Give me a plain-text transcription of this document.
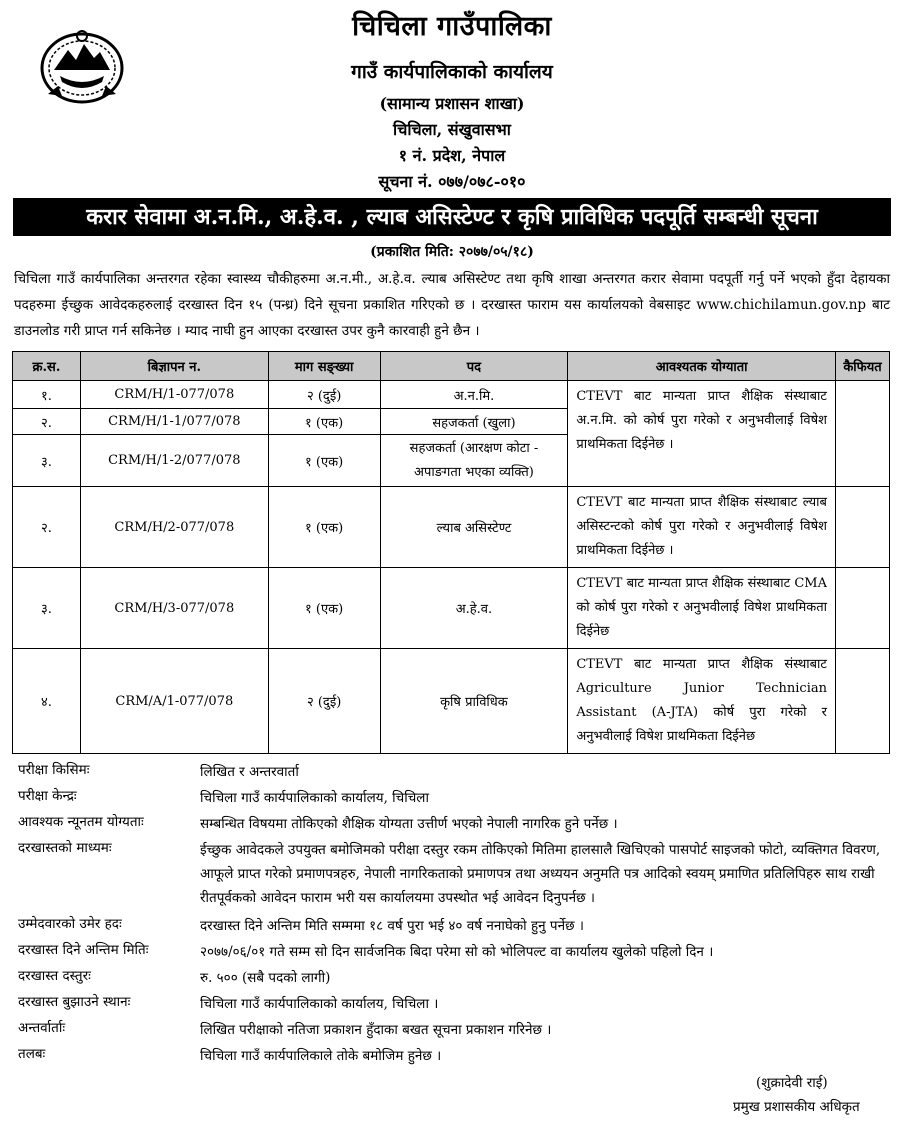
चिचिला गाउँपालिका
गाउँ कार्यपालिकाको कार्यालय
(सामान्य प्रशासन शाखा)
चिचिला, संखुवासभा
१ नं. प्रदेश, नेपाल
सूचना नं. ०७७/०७८-०१०
करार सेवामा अ.न.मि., अ.हे.व. , ल्याब असिस्टेण्ट र कृषि प्राविधिक पदपूर्ति सम्बन्धी सूचना
(प्रकाशित मिति: २०७७/०५/१८)
चिचिला गाउँ कार्यपालिका अन्तरगत रहेका स्वास्थ्य चौकीहरुमा अ.न.मी., अ.हे.व. ल्याब असिस्टेण्ट तथा कृषि शाखा अन्तरगत करार सेवामा पदपूर्ती गर्नु पर्ने भएको हुँदा देहायका पदहरुमा ईच्छुक आवेदकहरुलाई दरखास्त दिन १५ (पन्ध्र) दिने सूचना प्रकाशित गरिएको छ । दरखास्त फाराम यस कार्यालयको वेबसाइट www.chichilamun.gov.np बाट डाउनलोड गरी प्राप्त गर्न सकिनेछ । म्याद नाघी हुन आएका दरखास्त उपर कुनै कारवाही हुने छैन ।
क्र.स.	बिज्ञापन न.	माग सङ्ख्या	पद	आवश्यतक योग्याता	कैफियत
१.	CRM/H/1-077/078	२ (दुई)	अ.न.मि.	CTEVT बाट मान्यता प्राप्त शैक्षिक संस्थाबाट अ.न.मि. को कोर्ष पुरा गरेको र अनुभवीलाई विषेश प्राथमिकता दिईनेछ ।	
२.	CRM/H/1-1/077/078	१ (एक)	सहजकर्ता (खुला)		
३.	CRM/H/1-2/077/078	१ (एक)	सहजकर्ता (आरक्षण कोटा - अपाङगता भएका व्यक्ति)		
२.	CRM/H/2-077/078	१ (एक)	ल्याब असिस्टेण्ट	CTEVT बाट मान्यता प्राप्त शैक्षिक संस्थाबाट ल्याब असिस्टन्टको कोर्ष पुरा गरेको र अनुभवीलाई विषेश प्राथमिकता दिईनेछ ।	
३.	CRM/H/3-077/078	१ (एक)	अ.हे.व.	CTEVT बाट मान्यता प्राप्त शैक्षिक संस्थाबाट CMA को कोर्ष पुरा गरेको र अनुभवीलाई विषेश प्राथमिकता दिईनेछ	
४.	CRM/A/1-077/078	२ (दुई)	कृषि प्राविधिक	CTEVT बाट मान्यता प्राप्त शैक्षिक संस्थाबाट Agriculture Junior Technician Assistant (A-JTA) कोर्ष पुरा गरेको र अनुभवीलाई विषेश प्राथमिकता दिईनेछ	
परीक्षा किसिमः	लिखित र अन्तरवार्ता
परीक्षा केन्द्रः	चिचिला गाउँ कार्यपालिकाको कार्यालय, चिचिला
आवश्यक न्यूनतम योग्यताः	सम्बन्धित विषयमा तोकिएको शैक्षिक योग्यता उत्तीर्ण भएको नेपाली नागरिक हुने पर्नेछ ।
दरखास्तको माध्यमः	ईच्छुक आवेदकले उपयुक्त बमोजिमको परीक्षा दस्तुर रकम तोकिएको मितिमा हालसालै खिचिएको पासपोर्ट साइजको फोटो, व्यक्तिगत विवरण, आफूले प्राप्त गरेको प्रमाणपत्रहरु, नेपाली नागरिकताको प्रमाणपत्र तथा अध्ययन अनुमति पत्र आदिको स्वयम् प्रमाणित प्रतिलिपिहरु साथ राखी रीतपूर्वकको आवेदन फाराम भरी यस कार्यालयमा उपस्थोत भई आवेदन दिनुपर्नछ ।
उम्मेदवारको उमेर हदः	दरखास्त दिने अन्तिम मिति सम्ममा १८ वर्ष पुरा भई ४० वर्ष ननाघेको हुनु पर्नेछ ।
दरखास्त दिने अन्तिम मितिः	२०७७/०६/०१ गते सम्म सो दिन सार्वजनिक बिदा परेमा सो को भोलिपल्ट वा कार्यालय खुलेको पहिलो दिन ।
दरखास्त दस्तुरः	रु. ५०० (सबै पदको लागी)
दरखास्त बुझाउने स्थानः	चिचिला गाउँ कार्यपालिकाको कार्यालय, चिचिला ।
अन्तर्वार्ताः	लिखित परीक्षाको नतिजा प्रकाशन हुँदाका बखत सूचना प्रकाशन गरिनेछ ।
तलबः	चिचिला गाउँ कार्यपालिकाले तोके बमोजिम हुनेछ ।
(शुक्रादेवी राई)
प्रमुख प्रशासकीय अधिकृत
